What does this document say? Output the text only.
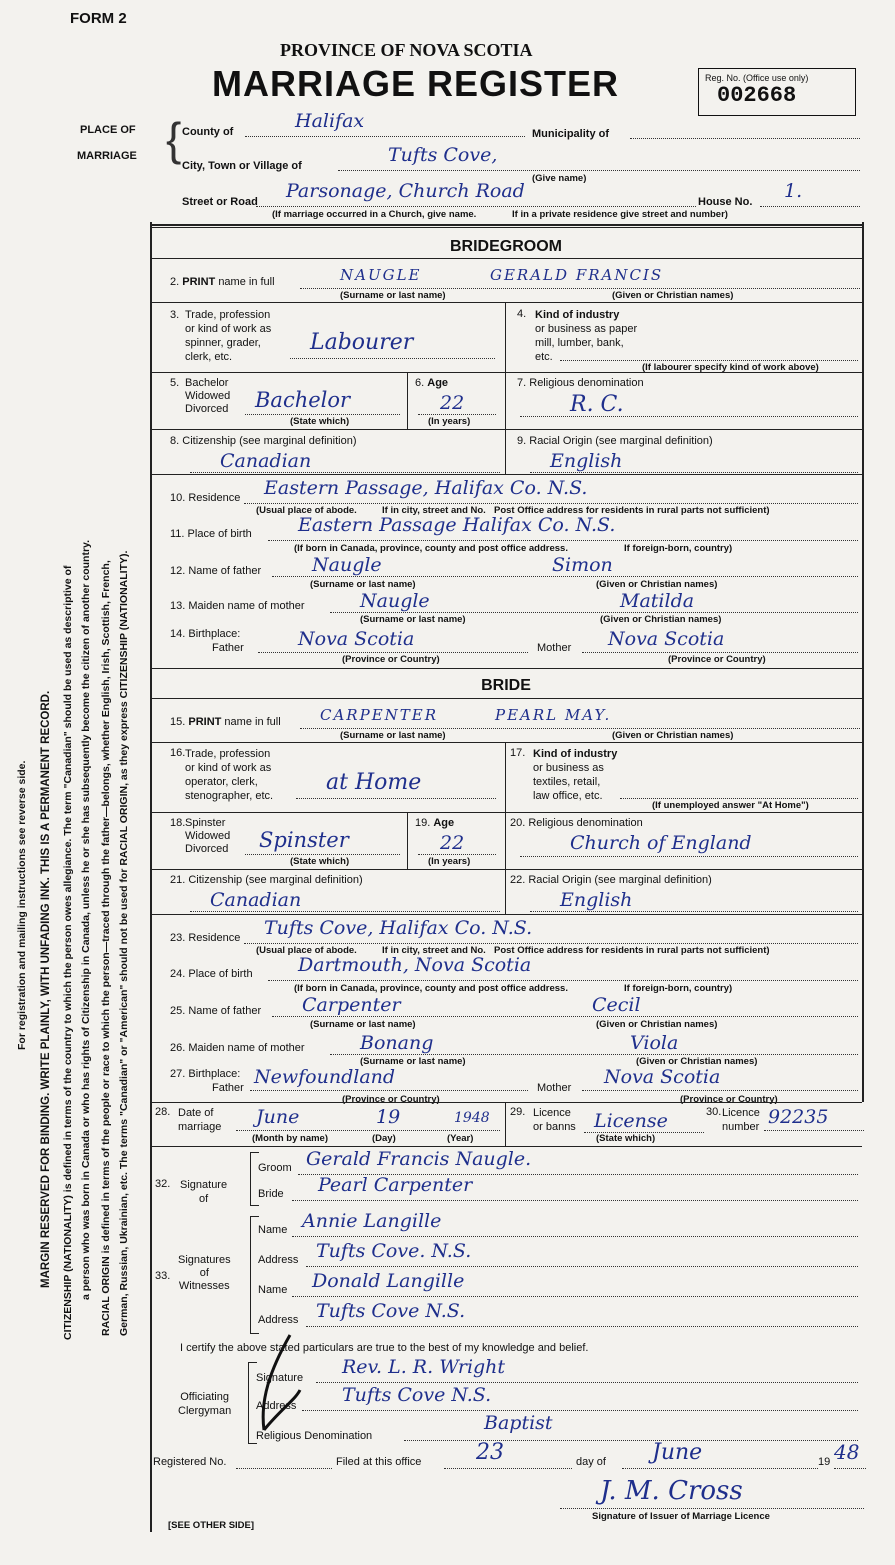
FORM 2
PROVINCE OF NOVA SCOTIA
MARRIAGE REGISTER	Reg. No. (Office use only)
002668
PLACE OF
MARRIAGE { County of	Halifax
Municipality of
City, Town or Village of	Tufts Cove,
(Give name)
Street or Road	Parsonage, Church Road	House No.	1.
(If marriage occurred in a Church, give name.	If in a private residence give street and number)
For registration and mailing instructions see reverse side. MARGIN RESERVED FOR BINDING. WRITE PLAINLY, WITH UNFADING INK. THIS IS A PERMANENT RECORD. CITIZENSHIP (NATIONALITY) is defined in terms of the country to which the person owes allegiance. The term "Canadian" should be used as descriptive of a person who was born in Canada or who has rights of Citizenship in Canada, unless he or she has subsequently become the citizen of another country. RACIAL ORIGIN is defined in terms of the people or race to which the person—traced through the father—belongs, whether English, Irish, Scottish, French, German, Russian, Ukrainian, etc. The terms "Canadian" or "American" should not be used for RACIAL ORIGIN, as they express CITIZENSHIP (NATIONALITY).
BRIDEGROOM
2. PRINT name in full	NAUGLE	GERALD FRANCIS
(Surname or last name)	(Given or Christian names)
3. Trade, profession
or kind of work as
spinner, grader,
clerk, etc.
Labourer
4. Kind of industry
or business as paper
mill, lumber, bank,
etc.
(If labourer specify kind of work above)
5. Bachelor
Widowed
Divorced	Bachelor
(State which)
6. Age
22
(In years)
7. Religious denomination
R. C.
8. Citizenship (see marginal definition)
Canadian
9. Racial Origin (see marginal definition)
English
10. Residence	Eastern Passage, Halifax Co. N.S.
(Usual place of abode.	If in city, street and No. Post Office address for residents in rural parts not sufficient)
11. Place of birth	Eastern Passage Halifax Co. N.S.
(If born in Canada, province, county and post office address.	If foreign-born, country)
12. Name of father	Naugle	Simon
(Surname or last name)	(Given or Christian names)
13. Maiden name of mother	Naugle	Matilda
(Surname or last name)	(Given or Christian names)
14. Birthplace:
Father	Nova Scotia	Mother	Nova Scotia
(Province or Country)	(Province or Country)
BRIDE
15. PRINT name in full	CARPENTER	PEARL MAY.
(Surname or last name)	(Given or Christian names)
16. Trade, profession
or kind of work as
operator, clerk,
stenographer, etc.
at Home
17. Kind of industry
or business as
textiles, retail,
law office, etc.
(If unemployed answer "At Home")
18. Spinster
Widowed
Divorced	Spinster
(State which)
19. Age
22
(In years)
20. Religious denomination
Church of England
21. Citizenship (see marginal definition)
Canadian
22. Racial Origin (see marginal definition)
English
23. Residence	Tufts Cove, Halifax Co. N.S.
(Usual place of abode.	If in city, street and No. Post Office address for residents in rural parts not sufficient)
24. Place of birth	Dartmouth, Nova Scotia
(If born in Canada, province, county and post office address.	If foreign-born, country)
25. Name of father Carpenter	Cecil
(Surname or last name)	(Given or Christian names)
26. Maiden name of mother	Bonang	Viola
(Surname or last name)	(Given or Christian names)
27. Birthplace:
Father Newfoundland	Mother	Nova Scotia
(Province or Country)	(Province or Country)
28. Date of
marriage June	19	1948
(Month by name)	(Day)	(Year)
29. Licence
or banns License
(State which)
30. Licence
number 92235
32. Signature
of
Groom Gerald Francis Naugle.
Bride	Pearl Carpenter
33.
Signatures
of
Witnesses
Name Annie Langille
Address Tufts Cove. N.S.
Name	Donald Langille
Address Tufts Cove N.S.
I certify the above stated particulars are true to the best of my knowledge and belief.
Officiating
Clergyman
Signature	Rev. L. R. Wright
Address	Tufts Cove N.S.
Religious Denomination
Baptist
Registered No.	Filed at this office	23	day of	June	19 48
J. M. Cross
Signature of Issuer of Marriage Licence
[SEE OTHER SIDE]
